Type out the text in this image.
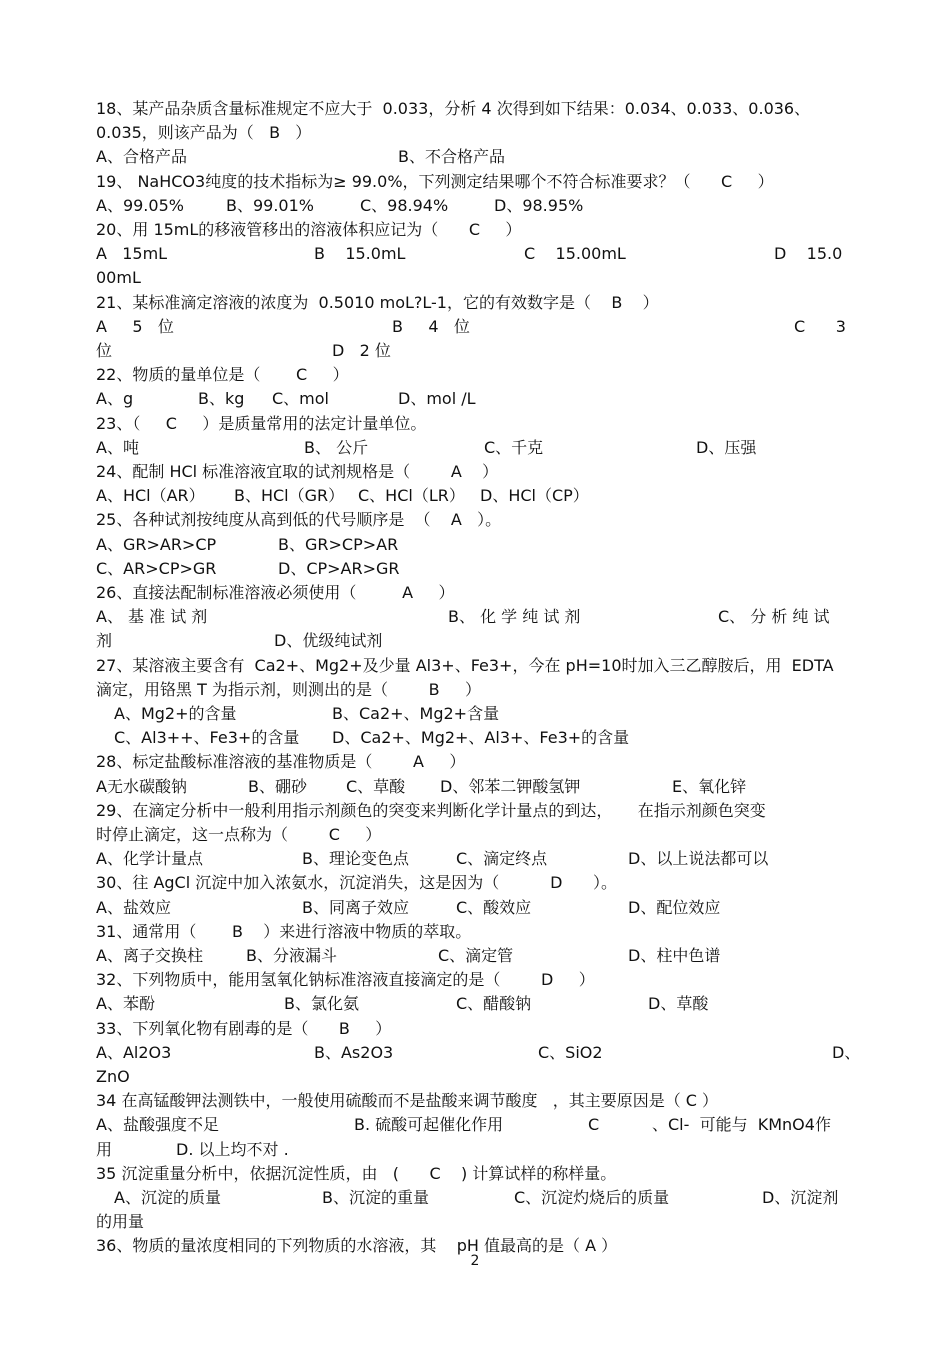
18、某产品杂质含量标准规定不应大于  0.033，分析 4 次得到如下结果：0.034、0.033、0.036、
0.035，则该产品为（   B   ）
A、合格产品	B、不合格产品
19、 NaHCO3纯度的技术指标为≥ 99.0%，下列测定结果哪个不符合标准要求？（      C     ）
A、99.05%	B、99.01%	C、98.94%	D、98.95%
20、用 15mL的移液管移出的溶液体积应记为（      C     ）
A   15mL	B    15.0mL	C    15.00mL	D    15.0
00mL
21、某标准滴定溶液的浓度为  0.5010 moL?L-1，它的有效数字是（    B    ）
A     5   位	B     4   位	C      3
位	D   2 位
22、物质的量单位是（       C     ）
A、g	B、kg C、mol	D、mol /L
23、（     C     ）是质量常用的法定计量单位。
A、吨	B、 公斤	C、千克	D、压强
24、配制 HCl 标准溶液宜取的试剂规格是（        A    ）
A、HCl（AR） B、HCl（GR） C、HCl（LR） D、HCl（CP）
25、各种试剂按纯度从高到低的代号顺序是  （    A   ）。
A、GR>AR>CP	B、GR>CP>AR
C、AR>CP>GR	D、CP>AR>GR
26、直接法配制标准溶液必须使用（         A     ）
A、 基 准 试 剂	B、 化 学 纯 试 剂	C、 分 析 纯 试
剂	D、优级纯试剂
27、某溶液主要含有  Ca2+、Mg2+及少量 Al3+、Fe3+，今在 pH=10时加入三乙醇胺后，用  EDTA
滴定，用铬黑 T 为指示剂，则测出的是（        B     ）
A、Mg2+的含量	B、Ca2+、Mg2+含量
C、Al3++、Fe3+的含量 D、Ca2+、Mg2+、Al3+、Fe3+的含量
28、标定盐酸标准溶液的基准物质是（        A     ）
A无水碳酸钠	B、硼砂 C、草酸 D、邻苯二钾酸氢钾	E、氧化锌
29、在滴定分析中一般利用指示剂颜色的突变来判断化学计量点的到达，     在指示剂颜色突变
时停止滴定，这一点称为（        C     ）
A、化学计量点	B、理论变色点	C、滴定终点	D、以上说法都可以
30、往 AgCl 沉淀中加入浓氨水，沉淀消失，这是因为（          D      ）。
A、盐效应	B、同离子效应	C、酸效应	D、配位效应
31、通常用（       B    ）来进行溶液中物质的萃取。
A、离子交换柱	B、分液漏斗	C、滴定管	D、柱中色谱
32、下列物质中，能用氢氧化钠标准溶液直接滴定的是（        D     ）
A、苯酚	B、氯化氨	C、醋酸钠	D、草酸
33、下列氧化物有剧毒的是（      B     ）
A、Al2O3	B、As2O3	C、SiO2	D、
ZnO
34 在高锰酸钾法测铁中，一般使用硫酸而不是盐酸来调节酸度   ，其主要原因是（ C ）
A、盐酸强度不足	B. 硫酸可起催化作用	C	、Cl-  可能与  KMnO4作
用	D. 以上均不对 .
35 沉淀重量分析中，依据沉淀性质，由   (      C    ) 计算试样的称样量。
A、沉淀的质量	B、沉淀的重量	C、沉淀灼烧后的质量	D、沉淀剂
的用量
36、物质的量浓度相同的下列物质的水溶液，其    pH 值最高的是（ A ）
2
